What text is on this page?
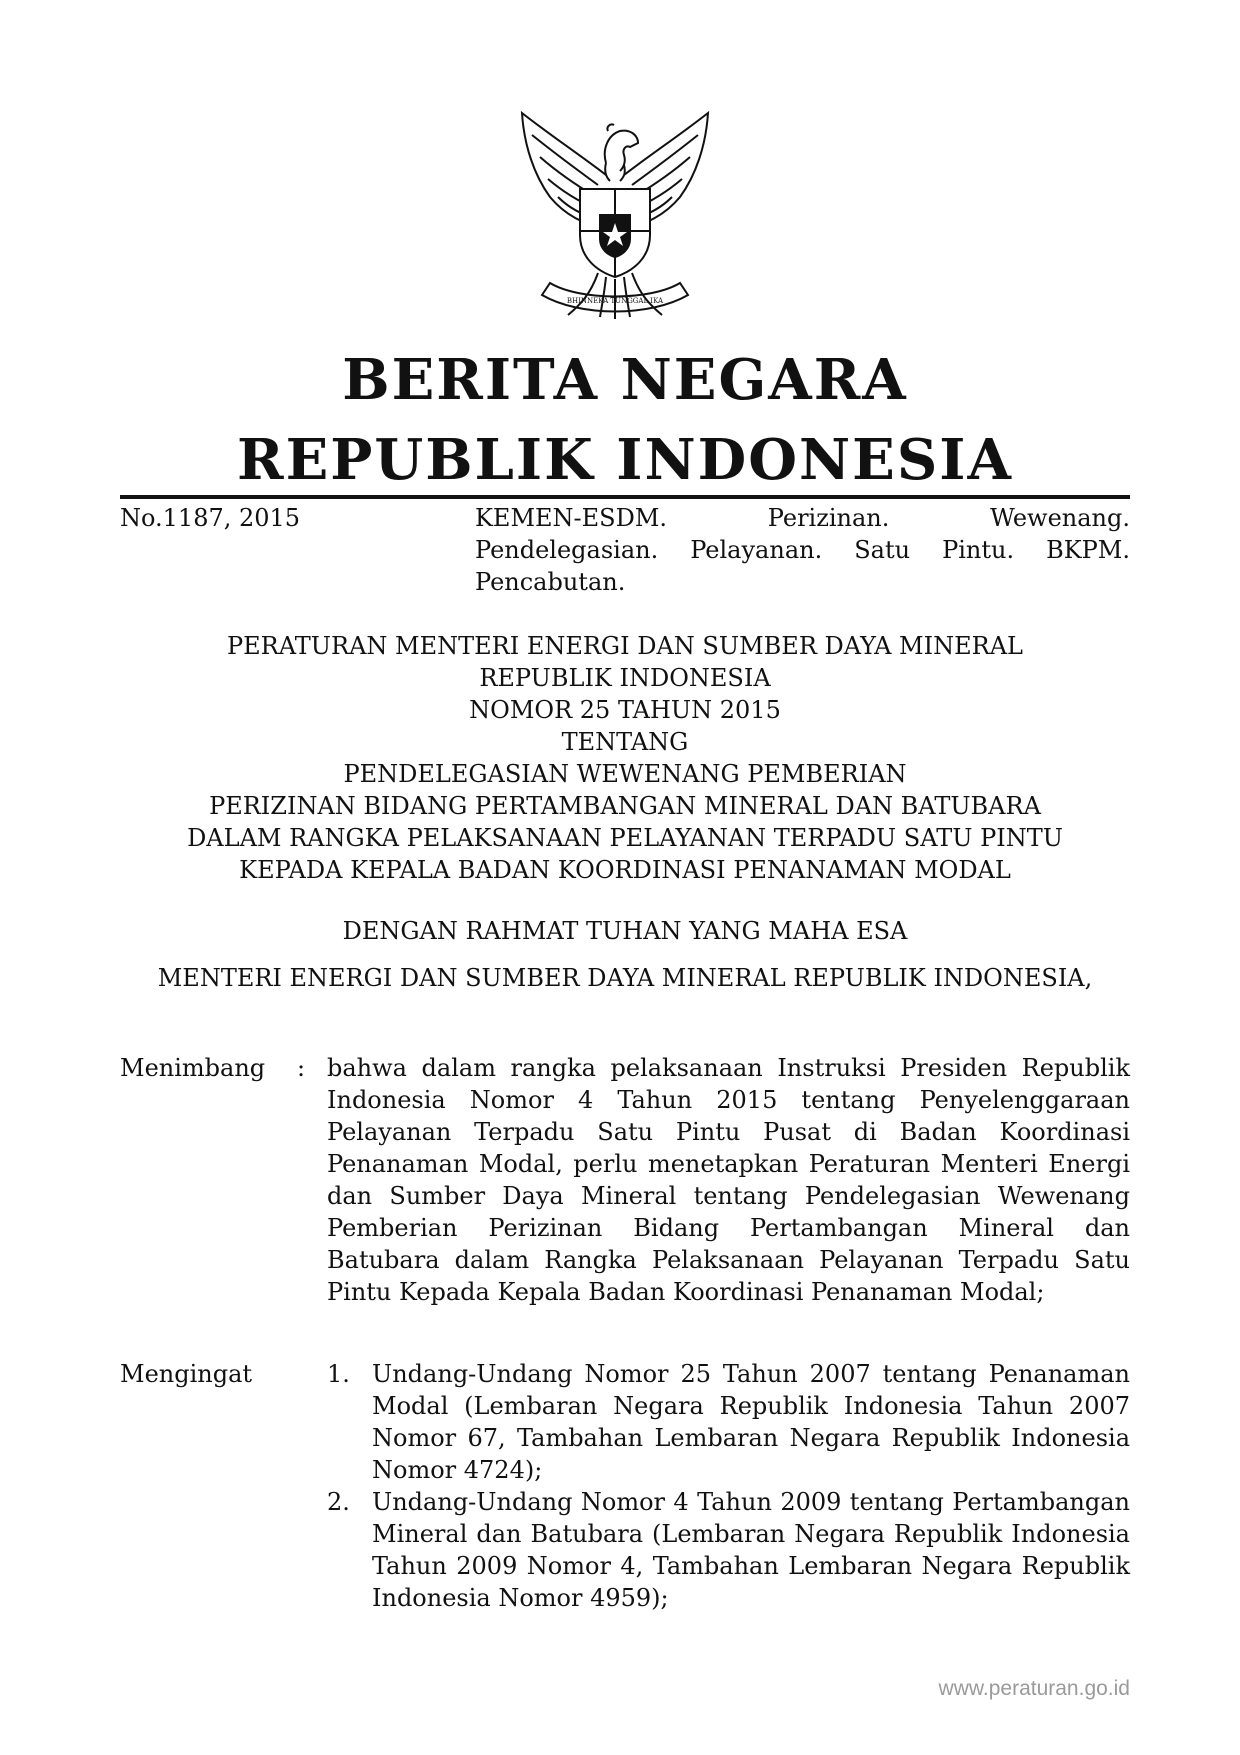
BHINNEKA TUNGGAL IKA
BERITA NEGARA
REPUBLIK INDONESIA
No.1187, 2015	KEMEN-ESDM. Perizinan. Wewenang. Pendelegasian. Pelayanan. Satu Pintu. BKPM. Pencabutan.
PERATURAN MENTERI ENERGI DAN SUMBER DAYA MINERAL
REPUBLIK INDONESIA
NOMOR 25 TAHUN 2015
TENTANG
PENDELEGASIAN WEWENANG PEMBERIAN
PERIZINAN BIDANG PERTAMBANGAN MINERAL DAN BATUBARA
DALAM RANGKA PELAKSANAAN PELAYANAN TERPADU SATU PINTU
KEPADA KEPALA BADAN KOORDINASI PENANAMAN MODAL
DENGAN RAHMAT TUHAN YANG MAHA ESA
MENTERI ENERGI DAN SUMBER DAYA MINERAL REPUBLIK INDONESIA,
Menimbang : bahwa dalam rangka pelaksanaan Instruksi Presiden Republik Indonesia Nomor 4 Tahun 2015 tentang Penyelenggaraan Pelayanan Terpadu Satu Pintu Pusat di Badan Koordinasi Penanaman Modal, perlu menetapkan Peraturan Menteri Energi dan Sumber Daya Mineral tentang Pendelegasian Wewenang Pemberian Perizinan Bidang Pertambangan Mineral dan Batubara dalam Rangka Pelaksanaan Pelayanan Terpadu Satu Pintu Kepada Kepala Badan Koordinasi Penanaman Modal;
Mengingat	1. Undang-Undang Nomor 25 Tahun 2007 tentang Penanaman Modal (Lembaran Negara Republik Indonesia Tahun 2007 Nomor 67, Tambahan Lembaran Negara Republik Indonesia Nomor 4724);
2. Undang-Undang Nomor 4 Tahun 2009 tentang Pertambangan Mineral dan Batubara (Lembaran Negara Republik Indonesia Tahun 2009 Nomor 4, Tambahan Lembaran Negara Republik Indonesia Nomor 4959);
www.peraturan.go.id
